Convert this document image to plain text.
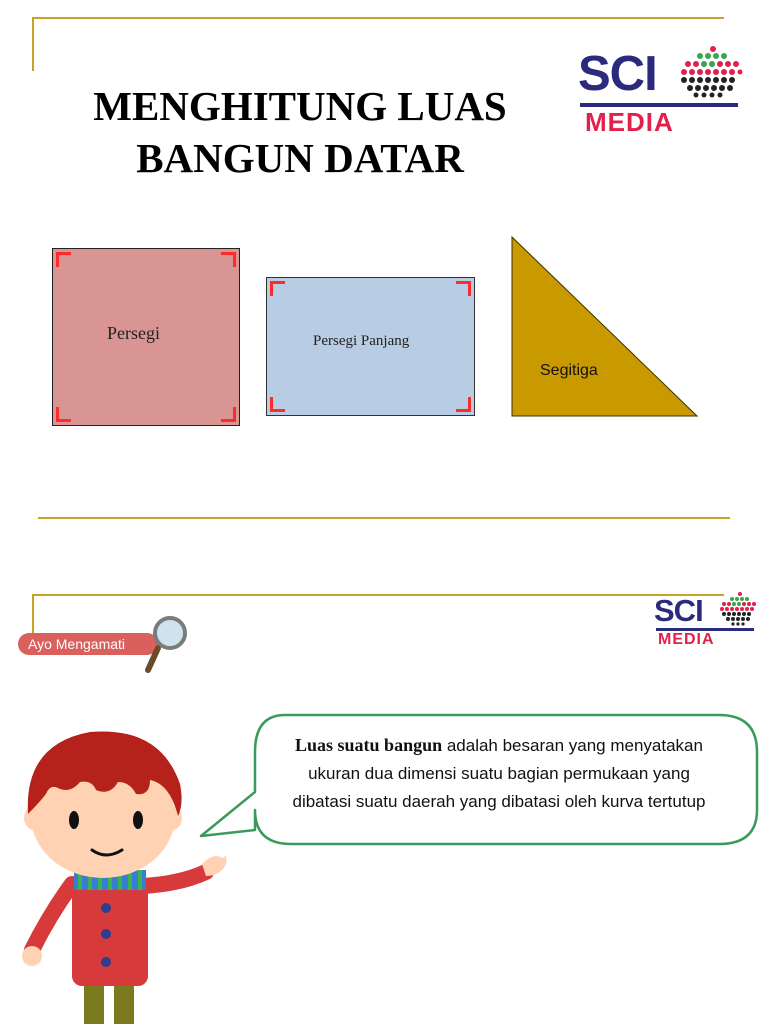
MENGHITUNG LUAS
BANGUN DATAR
SCI
MEDIA
Persegi	Persegi Panjang
Segitiga
Ayo Mengamati
SCI
MEDIA
Luas suatu bangun adalah besaran yang menyatakan ukuran dua dimensi suatu bagian permukaan yang dibatasi suatu daerah yang dibatasi oleh kurva tertutup
